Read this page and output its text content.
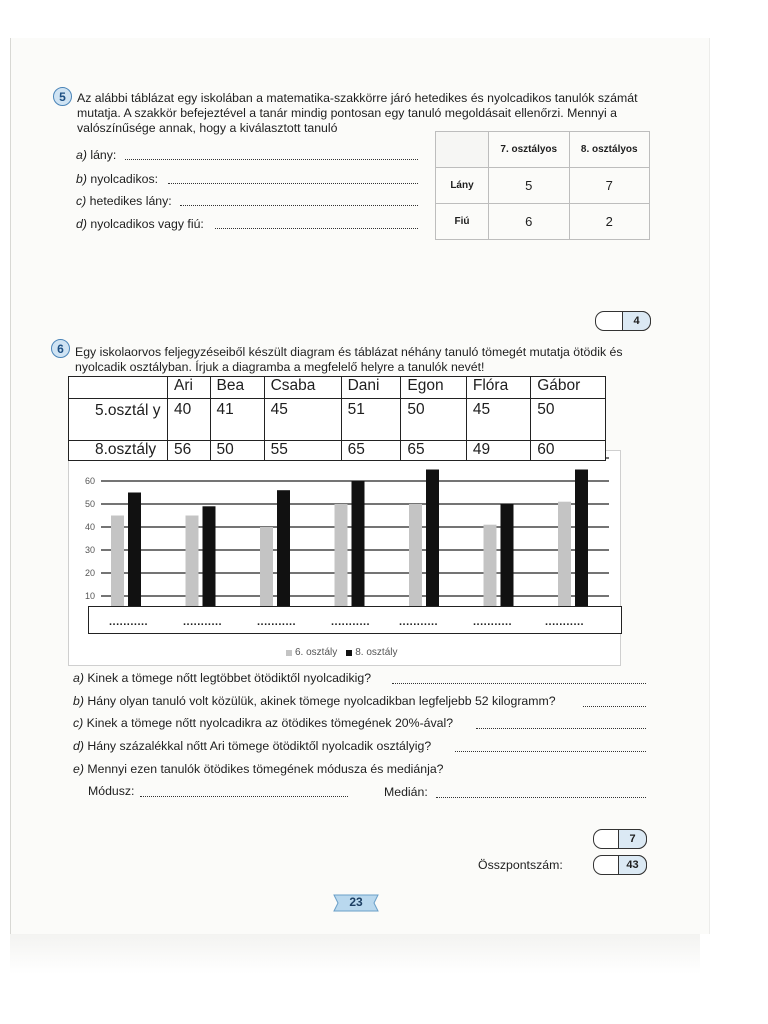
5 Az alábbi táblázat egy iskolában a matematika-szakkörre járó hetedikes és nyolcadikos tanulók számát mutatja. A szakkör befejeztével a tanár mindig pontosan egy tanuló megoldásait ellenőrzi. Mennyi a valószínűsége annak, hogy a kiválasztott tanuló
a) lány:
b) nyolcadikos:
c) hetedikes lány:
d) nyolcadikos vagy fiú:
	7. osztályos	8. osztályos
Lány	5	7
Fiú	6	2
4
6 Egy iskolaorvos feljegyzéseiből készült diagram és táblázat néhány tanuló tömegét mutatja ötödik és nyolcadik osztályban. Írjuk a diagramba a megfelelő helyre a tanulók nevét!
10
20
30
40
50
60
...........	...........	...........	...........	...........	...........	...........
6. osztály 8. osztály
	Ari	Bea	Csaba	Dani	Egon	Flóra	Gábor
5.osztál y	40	41	45	51	50	45	50
8.osztály	56	50	55	65	65	49	60
a) Kinek a tömege nőtt legtöbbet ötödiktől nyolcadikig?
b) Hány olyan tanuló volt közülük, akinek tömege nyolcadikban legfeljebb 52 kilogramm?
c) Kinek a tömege nőtt nyolcadikra az ötödikes tömegének 20%-ával?
d) Hány százalékkal nőtt Ari tömege ötödiktől nyolcadik osztályig?
e) Mennyi ezen tanulók ötödikes tömegének módusza és mediánja?
Módusz:	Medián:
7
Összpontszám:	43
23
